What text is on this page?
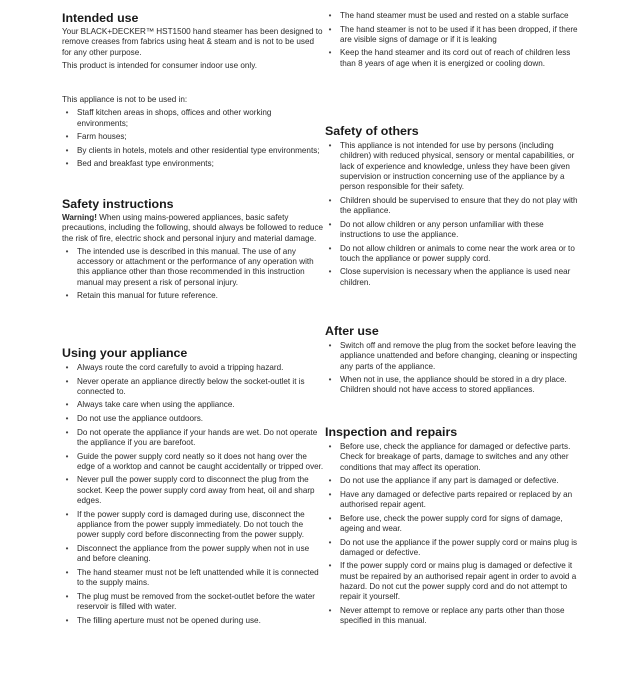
Intended use

Your BLACK+DECKER™ HST1500 hand steamer has been designed to remove creases from fabrics using heat & steam and is not to be used for any other purpose.

This product is intended for consumer indoor use only.

This appliance is not to be used in:

• Staff kitchen areas in shops, offices and other working environments;
• Farm houses;
• By clients in hotels, motels and other residential type environments;
• Bed and breakfast type environments;
Safety instructions

Warning! When using mains-powered appliances, basic safety precautions, including the following, should always be followed to reduce the risk of fire, electric shock and personal injury and material damage.

• The intended use is described in this manual. The use of any accessory or attachment or the performance of any operation with this appliance other than those recommended in this instruction manual may present a risk of personal injury.
• Retain this manual for future reference.
Using your appliance
• Always route the cord carefully to avoid a tripping hazard.
• Never operate an appliance directly below the socket-outlet it is connected to.
• Always take care when using the appliance.
• Do not use the appliance outdoors.
• Do not operate the appliance if your hands are wet. Do not operate the appliance if you are barefoot.
• Guide the power supply cord neatly so it does not hang over the edge of a worktop and cannot be caught accidentally or tripped over.
• Never pull the power supply cord to disconnect the plug from the socket. Keep the power supply cord away from heat, oil and sharp edges.
• If the power supply cord is damaged during use, disconnect the appliance from the power supply immediately. Do not touch the power supply cord before disconnecting from the power supply.
• Disconnect the appliance from the power supply when not in use and before cleaning.
• The hand steamer must not be left unattended while it is connected to the supply mains.
• The plug must be removed from the socket-outlet before the water reservoir is filled with water.
• The filling aperture must not be opened during use.
• The hand steamer must be used and rested on a stable surface
• The hand steamer is not to be used if it has been dropped, if there are visible signs of damage or if it is leaking
• Keep the hand steamer and its cord out of reach of children less than 8 years of age when it is energized or cooling down.
Safety of others
• This appliance is not intended for use by persons (including children) with reduced physical, sensory or mental capabilities, or lack of experience and knowledge, unless they have been given supervision or instruction concerning use of the appliance by a person responsible for their safety.
• Children should be supervised to ensure that they do not play with the appliance.
• Do not allow children or any person unfamiliar with these instructions to use the appliance.
• Do not allow children or animals to come near the work area or to touch the appliance or power supply cord.
• Close supervision is necessary when the appliance is used near children.
After use
• Switch off and remove the plug from the socket before leaving the appliance unattended and before changing, cleaning or inspecting any parts of the appliance.
• When not in use, the appliance should be stored in a dry place. Children should not have access to stored appliances.
Inspection and repairs
• Before use, check the appliance for damaged or defective parts. Check for breakage of parts, damage to switches and any other conditions that may affect its operation.
• Do not use the appliance if any part is damaged or defective.
• Have any damaged or defective parts repaired or replaced by an authorised repair agent.
• Before use, check the power supply cord for signs of damage, ageing and wear.
• Do not use the appliance if the power supply cord or mains plug is damaged or defective.
• If the power supply cord or mains plug is damaged or defective it must be repaired by an authorised repair agent in order to avoid a hazard. Do not cut the power supply cord and do not attempt to repair it yourself.
• Never attempt to remove or replace any parts other than those specified in this manual.
